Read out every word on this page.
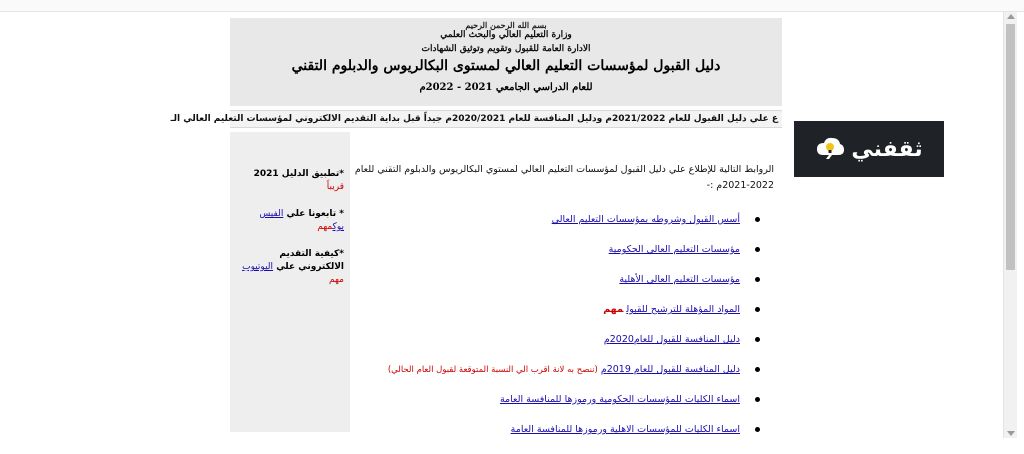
بسم الله الرحمن الرحيم
وزارة التعليم العالي والبحث العلمي
الادارة العامة للقبول وتقويم وتوثيق الشهادات
دليل القبول لمؤسسات التعليم العالي لمستوى البكالريوس والدبلوم التقني
للعام الدراسي الجامعي 2021 - 2022م
ع علي دليل القبول للعام 2021/2022م ودليل المنافسة للعام 2020/2021م جيداً قبل بداية التقديم الالكتروني لمؤسسات التعليم العالي الـ
الروابط التالية للإطلاع علي دليل القبول لمؤسسات التعليم العالي لمستوي البكالريوس والدبلوم التقني للعام 2022-2021م :-
أسس القبول وشروطه بمؤسسات التعليم العالي
مؤسسات التعليم العالي الحكومية
مؤسسات التعليم العالي الأهلية
المواد المؤهلة للترشيح للقبولمهم
دليل المنافسة للقبول للعام2020م
دليل المنافسة للقبول للعام 2019م(ننصح به لانة اقرب الي النسبة المتوقعة لقبول العام الحالي)
اسماء الكليات للمؤسسات الحكومية ورموزها للمنافسة العامة
اسماء الكليات للمؤسسات الاهلية ورموزها للمنافسة العامة
*تطبيق الدليل 2021 قريباً
* تابعونا علي الفيس بوكمهم
*كيفية التقديم الالكتروني علي اليوتيوب مهم
ثقفني
